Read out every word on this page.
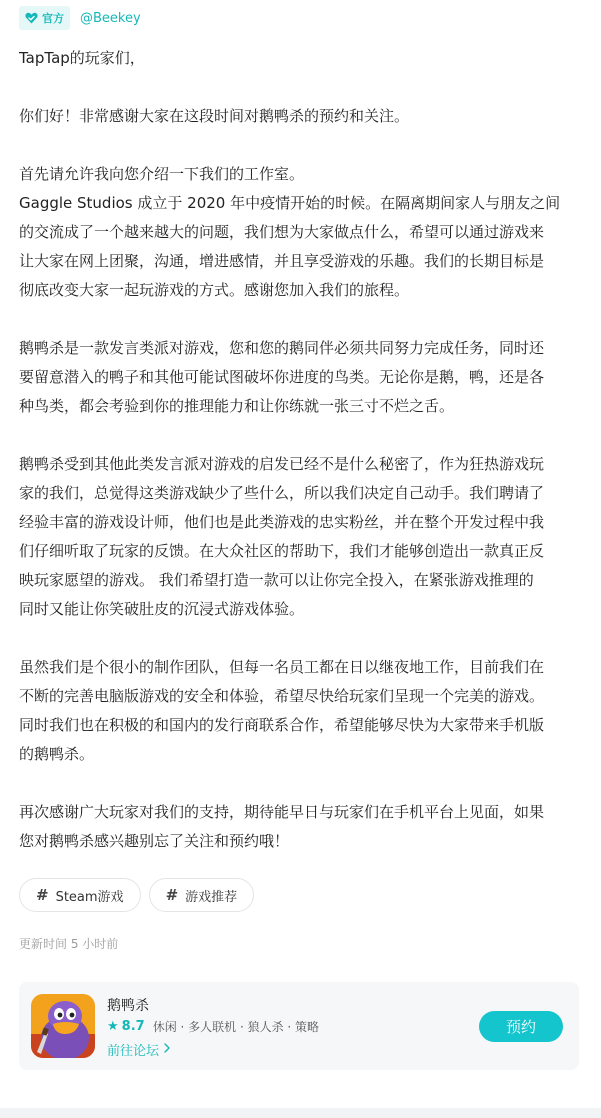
官方 @Beekey

TapTap的玩家们，

你们好！非常感谢大家在这段时间对鹅鸭杀的预约和关注。

首先请允许我向您介绍一下我们的工作室。
Gaggle Studios 成立于 2020 年中疫情开始的时候。在隔离期间家人与朋友之间
的交流成了一个越来越大的问题，我们想为大家做点什么，希望可以通过游戏来
让大家在网上团聚，沟通，增进感情，并且享受游戏的乐趣。我们的长期目标是
彻底改变大家一起玩游戏的方式。感谢您加入我们的旅程。

鹅鸭杀是一款发言类派对游戏，您和您的鹅同伴必须共同努力完成任务，同时还
要留意潜入的鸭子和其他可能试图破坏你进度的鸟类。无论你是鹅，鸭，还是各
种鸟类，都会考验到你的推理能力和让你练就一张三寸不烂之舌。

鹅鸭杀受到其他此类发言派对游戏的启发已经不是什么秘密了，作为狂热游戏玩
家的我们，总觉得这类游戏缺少了些什么，所以我们决定自己动手。我们聘请了
经验丰富的游戏设计师，他们也是此类游戏的忠实粉丝，并在整个开发过程中我
们仔细听取了玩家的反馈。在大众社区的帮助下，我们才能够创造出一款真正反
映玩家愿望的游戏。 我们希望打造一款可以让你完全投入，在紧张游戏推理的
同时又能让你笑破肚皮的沉浸式游戏体验。

虽然我们是个很小的制作团队，但每一名员工都在日以继夜地工作，目前我们在
不断的完善电脑版游戏的安全和体验，希望尽快给玩家们呈现一个完美的游戏。
同时我们也在积极的和国内的发行商联系合作，希望能够尽快为大家带来手机版
的鹅鸭杀。

再次感谢广大玩家对我们的支持，期待能早日与玩家们在手机平台上见面，如果
您对鹅鸭杀感兴趣别忘了关注和预约哦！

# Steam游戏	# 游戏推荐
更新时间 5 小时前
鹅鸭杀
★ 8.7 休闲 · 多人联机 · 狼人杀 · 策略
前往论坛
预约
